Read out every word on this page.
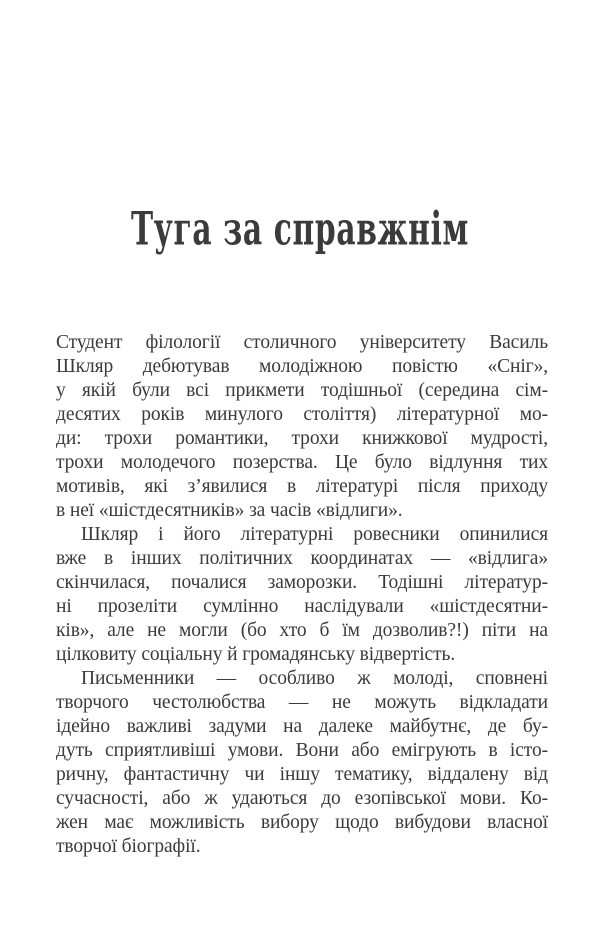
Туга за справжнім
Студент філології столичного університету Василь
Шкляр дебютував молодіжною повістю «Сніг»,
у якій були всі прикмети тодішньої (середина сім-
десятих років минулого століття) літературної мо-
ди: трохи романтики, трохи книжкової мудрості,
трохи молодечого позерства. Це було відлуння тих
мотивів, які з’явилися в літературі після приходу
в неї «шістдесятників» за часів «відлиги».
Шкляр і його літературні ровесники опинилися
вже в інших політичних координатах — «відлига»
скінчилася, почалися заморозки. Тодішні літератур-
ні прозеліти сумлінно наслідували «шістдесятни-
ків», але не могли (бо хто б їм дозволив?!) піти на
цілковиту соціальну й громадянську відвертість.
Письменники — особливо ж молоді, сповнені
творчого честолюбства — не можуть відкладати
ідейно важливі задуми на далеке майбутнє, де бу-
дуть сприятливіші умови. Вони або емігрують в істо-
ричну, фантастичну чи іншу тематику, віддалену від
сучасності, або ж удаються до езопівської мови. Ко-
жен має можливість вибору щодо вибудови власної
творчої біографії.
